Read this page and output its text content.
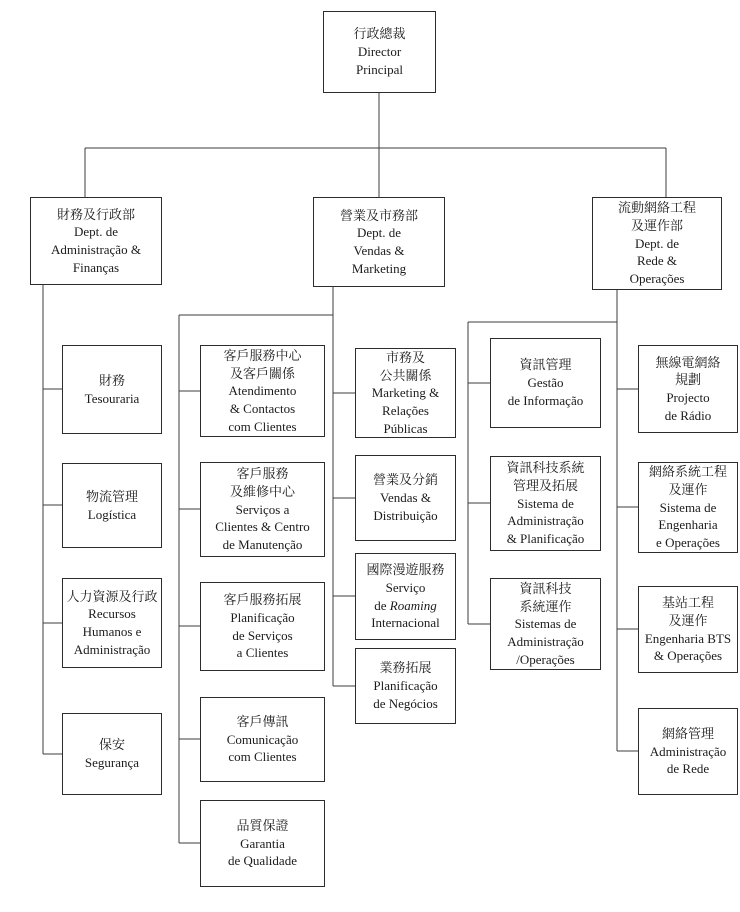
行政總裁
Director
Principal
財務及行政部
Dept. de
Administração &
Finanças
營業及市務部
Dept. de
Vendas &
Marketing
流動網絡工程
及運作部
Dept. de
Rede &
Operações
財務
Tesouraria
物流管理
Logística
人力資源及行政
Recursos
Humanos e
Administração
保安
Segurança
客戶服務中心
及客戶關係
Atendimento
& Contactos
com Clientes
客戶服務
及維修中心
Serviços a
Clientes & Centro
de Manutenção
客戶服務拓展
Planificação
de Serviços
a Clientes
客戶傳訊
Comunicação
com Clientes
品質保證
Garantia
de Qualidade
市務及
公共關係
Marketing &
Relações
Públicas
營業及分銷
Vendas &
Distribuição
國際漫遊服務
Serviço
de Roaming
Internacional
業務拓展
Planificação
de Negócios
資訊管理
Gestão
de Informação
資訊科技系統
管理及拓展
Sistema de
Administração
& Planificação
資訊科技
系統運作
Sistemas de
Administração
/Operações
無線電網絡
規劃
Projecto
de Rádio
網絡系統工程
及運作
Sistema de
Engenharia
e Operações
基站工程
及運作
Engenharia BTS
& Operações
網絡管理
Administração
de Rede
